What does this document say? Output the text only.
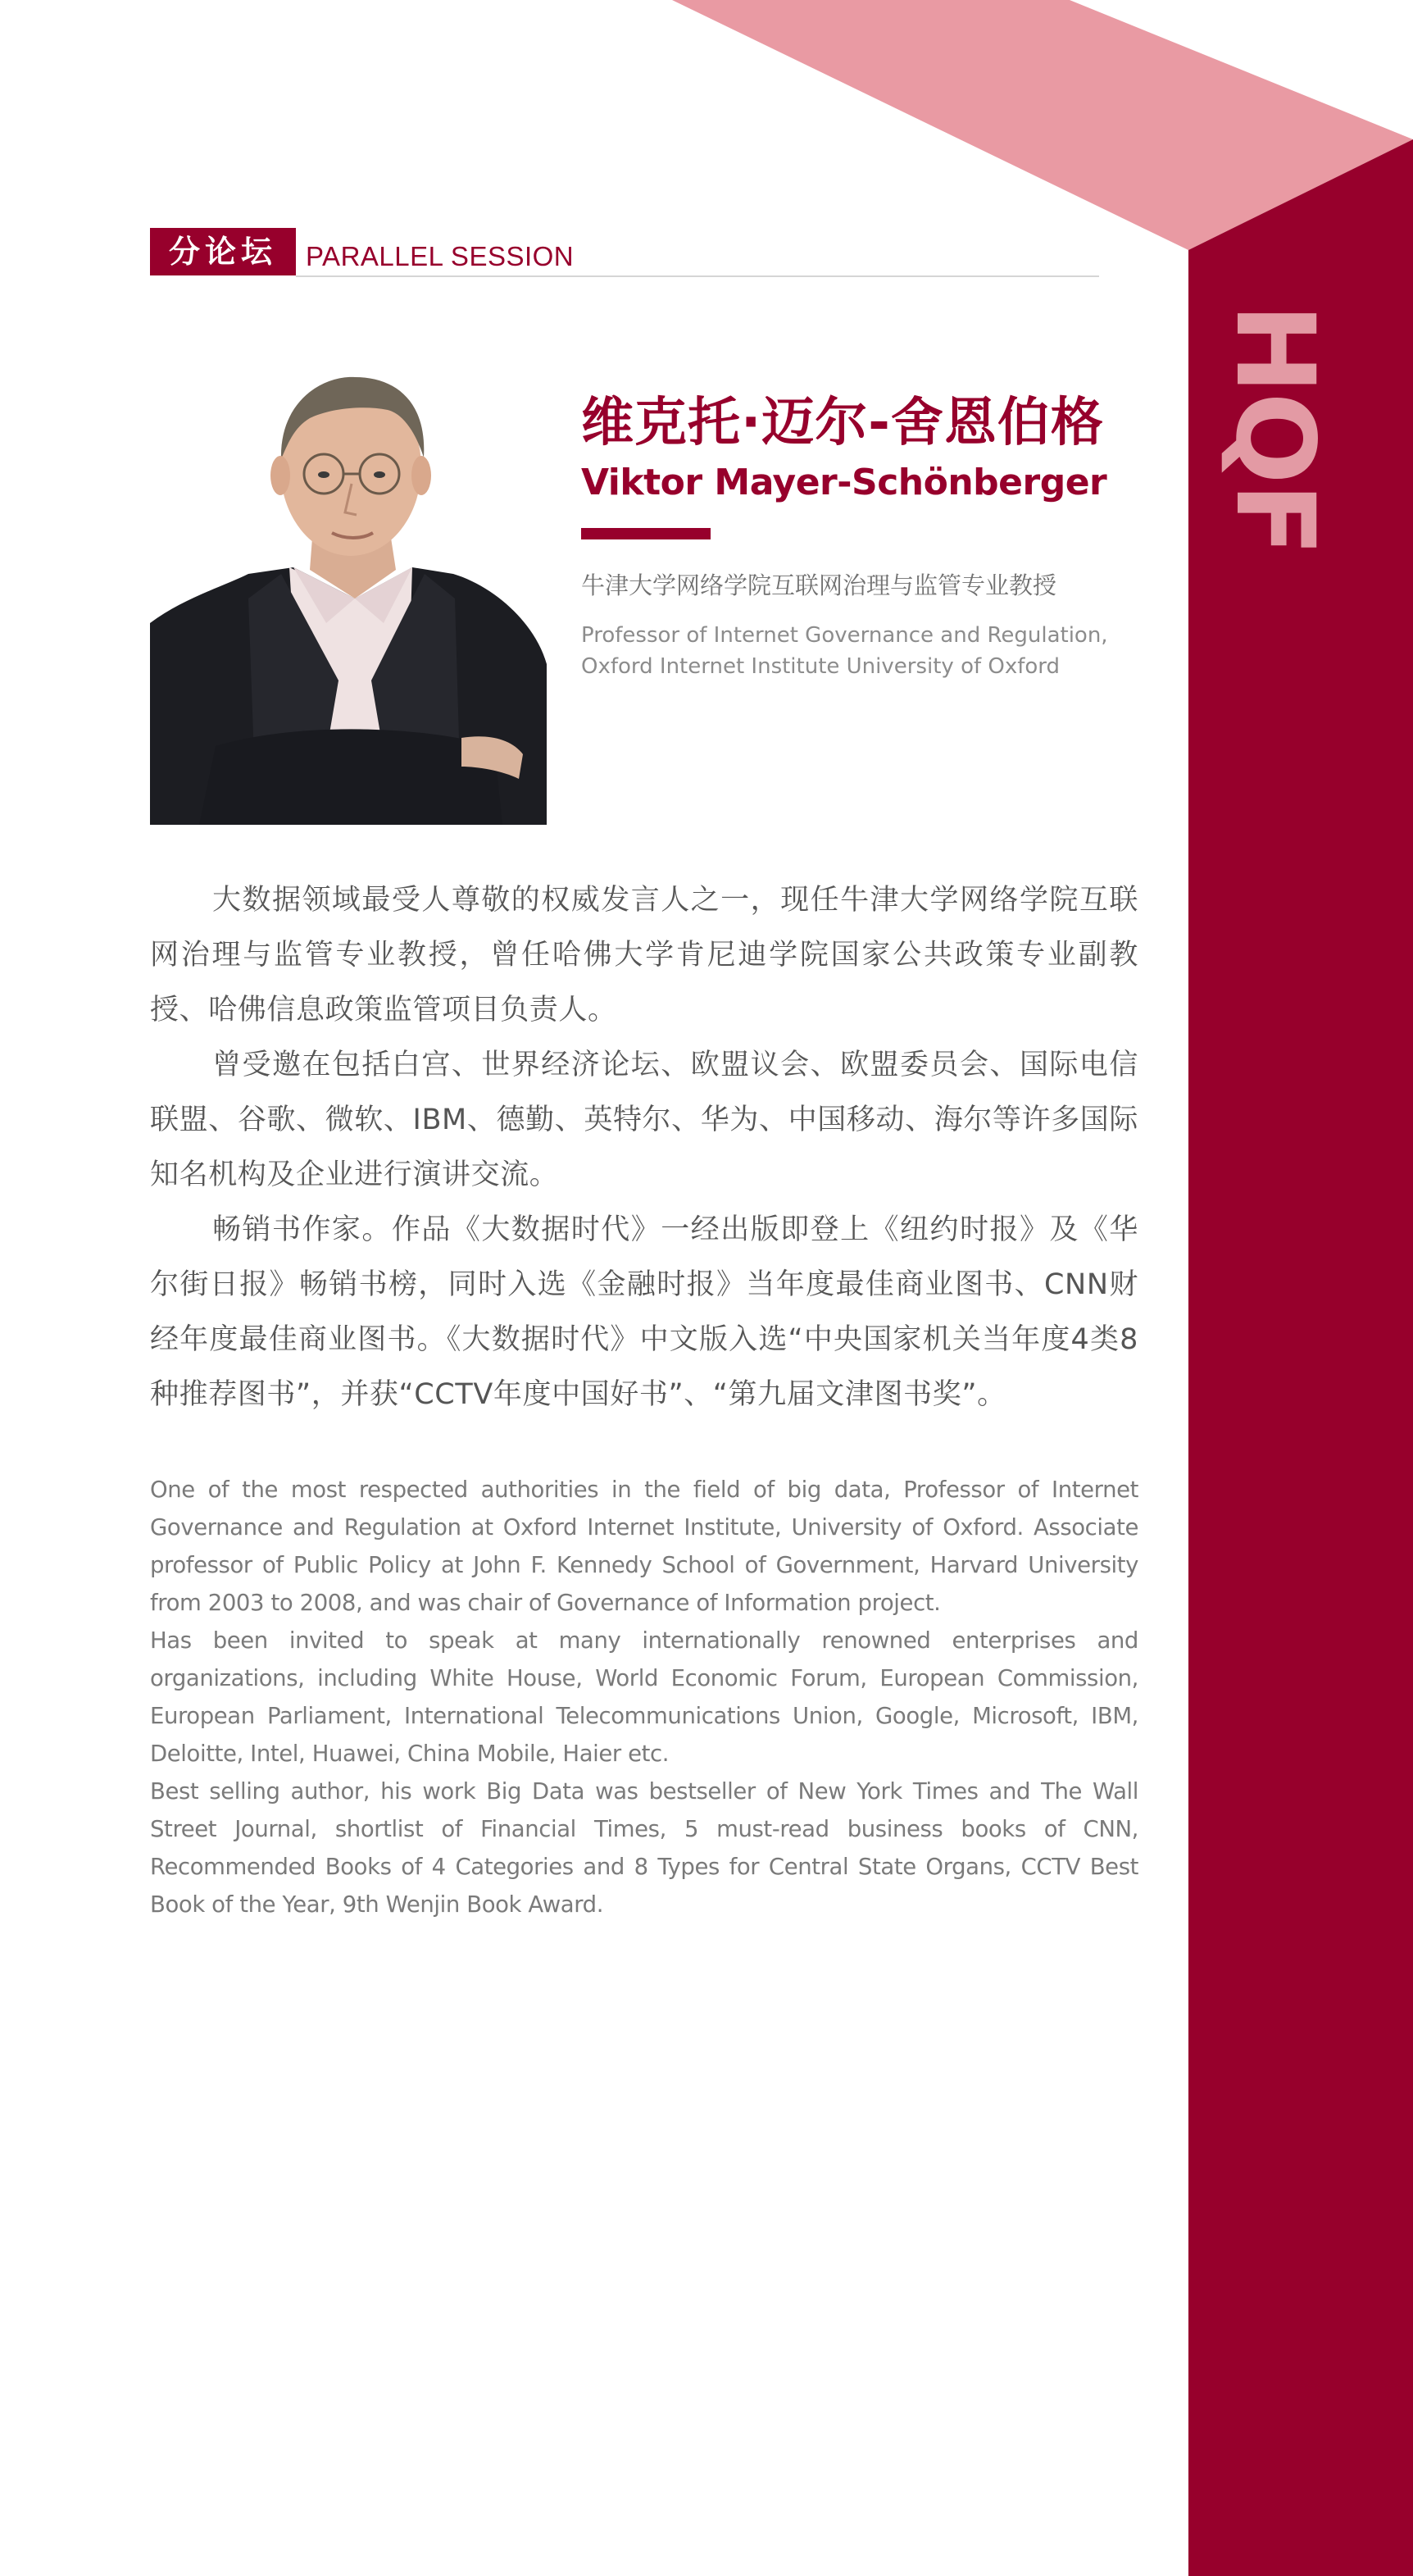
HQF
分论坛	PARALLEL SESSION
维克托·迈尔-舍恩伯格
Viktor Mayer-Schönberger
牛津大学网络学院互联网治理与监管专业教授
Professor of Internet Governance and Regulation,
Oxford Internet Institute University of Oxford

大数据领域最受人尊敬的权威发言人之一，现任牛津大学网络学院互联网治理与监管专业教授，曾任哈佛大学肯尼迪学院国家公共政策专业副教授、哈佛信息政策监管项目负责人。

曾受邀在包括白宫、世界经济论坛、欧盟议会、欧盟委员会、国际电信联盟、谷歌、微软、IBM、德勤、英特尔、华为、中国移动、海尔等许多国际知名机构及企业进行演讲交流。

畅销书作家。作品《大数据时代》一经出版即登上《纽约时报》及《华尔街日报》畅销书榜，同时入选《金融时报》当年度最佳商业图书、CNN财经年度最佳商业图书。《大数据时代》中文版入选“中央国家机关当年度4类8种推荐图书”，并获“CCTV年度中国好书”、“第九届文津图书奖”。

One of the most respected authorities in the field of big data, Professor of Internet Governance and Regulation at Oxford Internet Institute, University of Oxford. Associate professor of Public Policy at John F. Kennedy School of Government, Harvard University from 2003 to 2008, and was chair of Governance of Information project.

Has been invited to speak at many internationally renowned enterprises and organizations, including White House, World Economic Forum, European Commission, European Parliament, International Telecommunications Union, Google, Microsoft, IBM, Deloitte, Intel, Huawei, China Mobile, Haier etc.

Best selling author, his work Big Data was bestseller of New York Times and The Wall Street Journal, shortlist of Financial Times, 5 must-read business books of CNN, Recommended Books of 4 Categories and 8 Types for Central State Organs, CCTV Best Book of the Year, 9th Wenjin Book Award.
